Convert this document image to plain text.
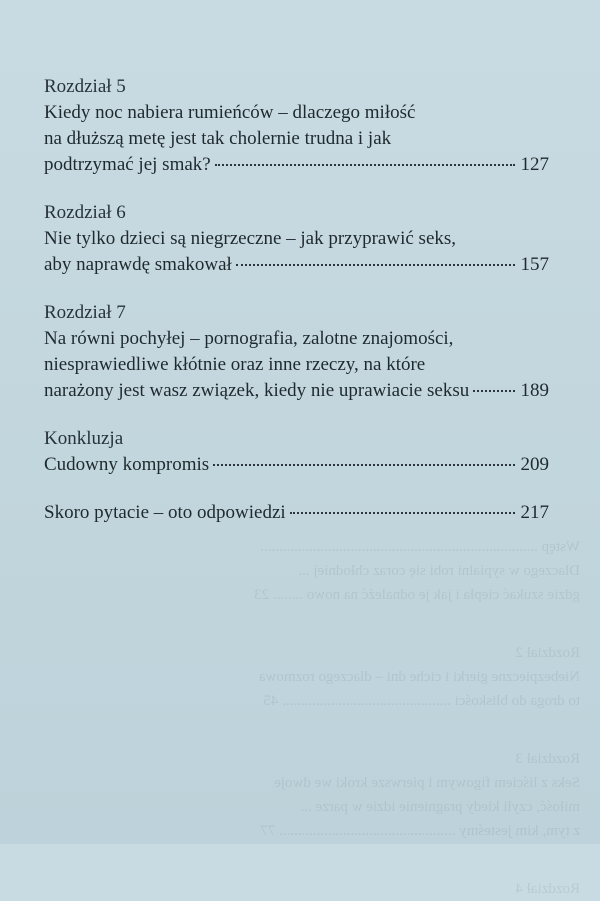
Wstęp ..........................................................................
Dlaczego w sypialni robi się coraz chłodniej ...
gdzie szukać ciepła i jak je odnaleźć na nowo ........ 23
Rozdział 2
Niebezpieczne gierki i ciche dni – dlaczego rozmowa
to droga do bliskości ............................................. 45
Rozdział 3
Seks z liściem figowym i pierwsze kroki we dwoje
miłość, czyli kiedy pragnienie idzie w parze ...
z tym, kim jesteśmy ............................................... 77
Rozdział 4
Rozdział 5
Kiedy noc nabiera rumieńców – dlaczego miłość
na dłuższą metę jest tak cholernie trudna i jak
podtrzymać jej smak?	127
Rozdział 6
Nie tylko dzieci są niegrzeczne – jak przyprawić seks,
aby naprawdę smakował	157
Rozdział 7
Na równi pochyłej – pornografia, zalotne znajomości,
niesprawiedliwe kłótnie oraz inne rzeczy, na które
narażony jest wasz związek, kiedy nie uprawiacie seksu	189
Konkluzja
Cudowny kompromis	209
Skoro pytacie – oto odpowiedzi	217
